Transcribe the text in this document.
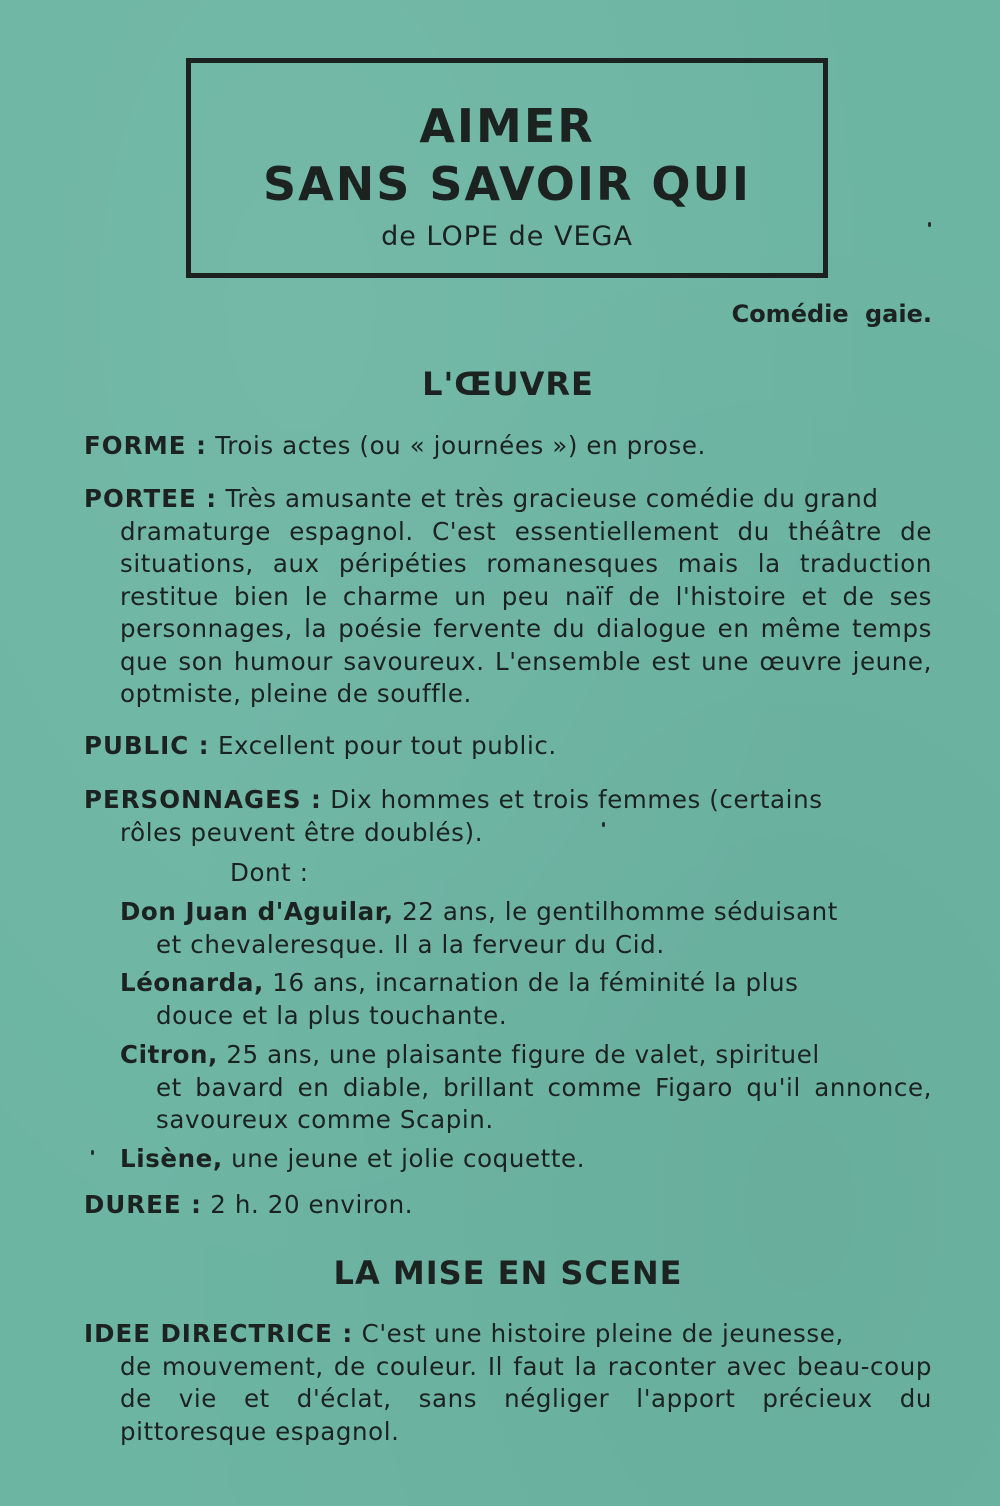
AIMER
SANS SAVOIR QUI
de LOPE de VEGA
Comédie gaie.
L'ŒUVRE
FORME : Trois actes (ou « journées ») en prose.
PORTEE : Très amusante et très gracieuse comédie du grand
dramaturge espagnol. C'est essentiellement du théâtre de situations, aux péripéties romanesques mais la traduction restitue bien le charme un peu naïf de l'histoire et de ses personnages, la poésie fervente du dialogue en même temps que son humour savoureux. L'ensemble est une œuvre jeune, optmiste, pleine de souffle.
PUBLIC : Excellent pour tout public.
PERSONNAGES : Dix hommes et trois femmes (certains
rôles peuvent être doublés).
Dont :
Don Juan d'Aguilar, 22 ans, le gentilhomme séduisant
et chevaleresque. Il a la ferveur du Cid.
Léonarda, 16 ans, incarnation de la féminité la plus
douce et la plus touchante.
Citron, 25 ans, une plaisante figure de valet, spirituel
et bavard en diable, brillant comme Figaro qu'il annonce, savoureux comme Scapin.
Lisène, une jeune et jolie coquette.
DUREE : 2 h. 20 environ.
LA MISE EN SCENE
IDEE DIRECTRICE : C'est une histoire pleine de jeunesse,
de mouvement, de couleur. Il faut la raconter avec beau-coup de vie et d'éclat, sans négliger l'apport précieux du pittoresque espagnol.
